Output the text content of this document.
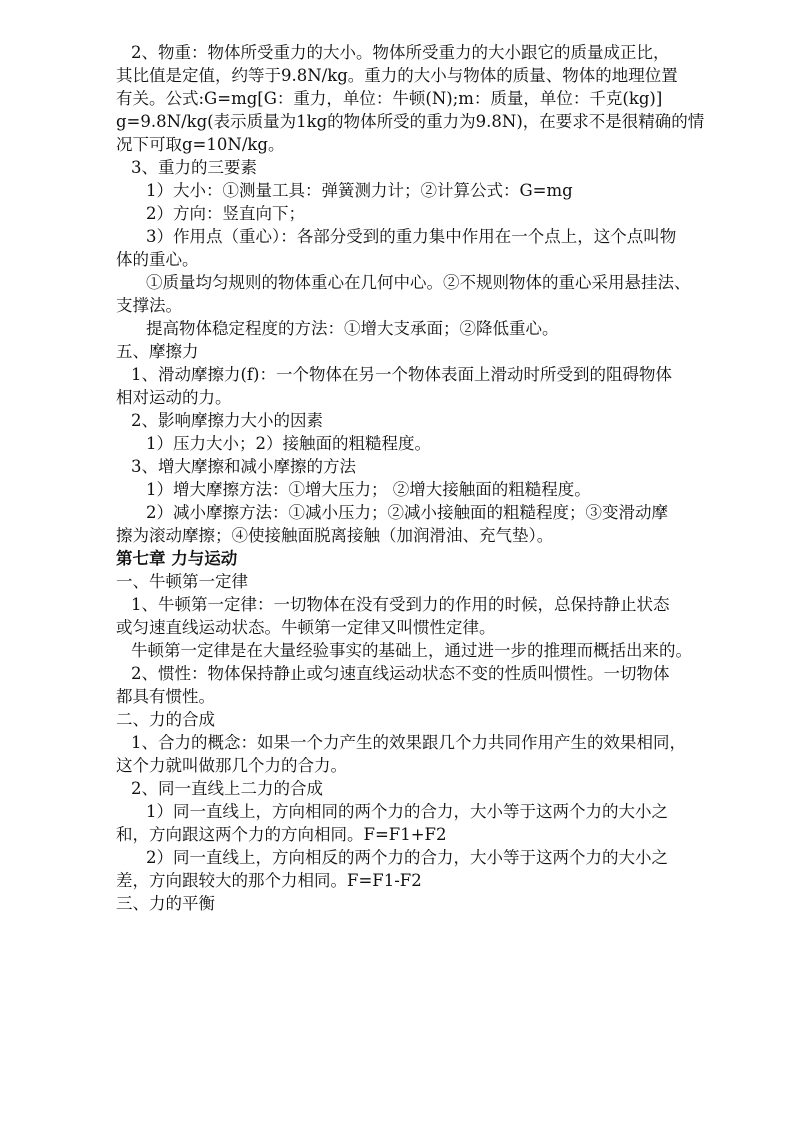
2、物重：物体所受重力的大小。物体所受重力的大小跟它的质量成正比，
其比值是定值，约等于9.8N/kg。重力的大小与物体的质量、物体的地理位置
有关。公式:G=mg[G：重力，单位：牛顿(N);m：质量，单位：千克(kg)]
g=9.8N/kg(表示质量为1kg的物体所受的重力为9.8N)，在要求不是很精确的情
况下可取g=10N/kg。
3、重力的三要素
1）大小：①测量工具：弹簧测力计；②计算公式：G=mg
2）方向：竖直向下；
3）作用点（重心）：各部分受到的重力集中作用在一个点上，这个点叫物
体的重心。
①质量均匀规则的物体重心在几何中心。②不规则物体的重心采用悬挂法、
支撑法。
提高物体稳定程度的方法：①增大支承面；②降低重心。
五、摩擦力
1、滑动摩擦力(f)：一个物体在另一个物体表面上滑动时所受到的阻碍物体
相对运动的力。
2、影响摩擦力大小的因素
1）压力大小；2）接触面的粗糙程度。
3、增大摩擦和减小摩擦的方法
1）增大摩擦方法：①增大压力； ②增大接触面的粗糙程度。
2）减小摩擦方法：①减小压力；②减小接触面的粗糙程度；③变滑动摩
擦为滚动摩擦；④使接触面脱离接触（加润滑油、充气垫）。
第七章 力与运动
一、牛顿第一定律
1、牛顿第一定律：一切物体在没有受到力的作用的时候，总保持静止状态
或匀速直线运动状态。牛顿第一定律又叫惯性定律。
牛顿第一定律是在大量经验事实的基础上，通过进一步的推理而概括出来的。
2、惯性：物体保持静止或匀速直线运动状态不变的性质叫惯性。一切物体
都具有惯性。
二、力的合成
1、合力的概念：如果一个力产生的效果跟几个力共同作用产生的效果相同，
这个力就叫做那几个力的合力。
2、同一直线上二力的合成
1）同一直线上，方向相同的两个力的合力，大小等于这两个力的大小之
和，方向跟这两个力的方向相同。F=F1+F2
2）同一直线上，方向相反的两个力的合力，大小等于这两个力的大小之
差，方向跟较大的那个力相同。F=F1-F2
三、力的平衡
